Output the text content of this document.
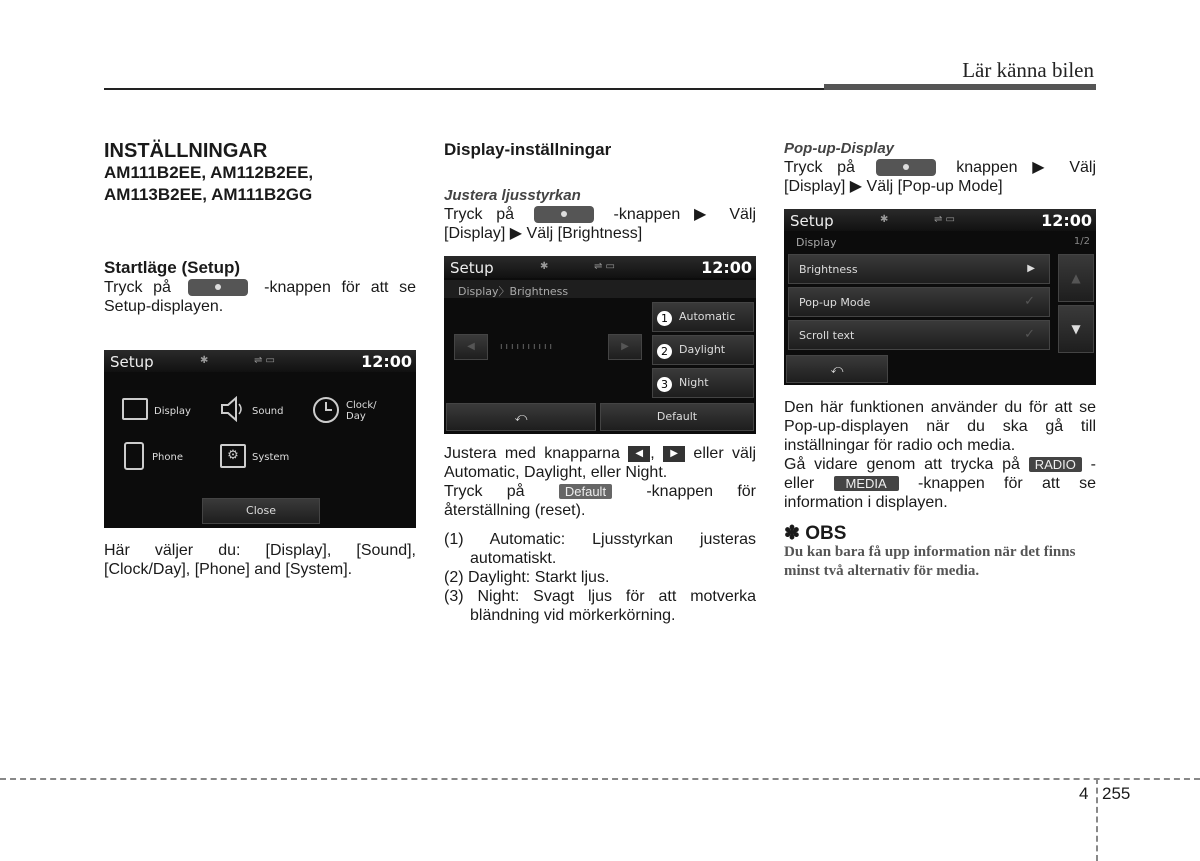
Lär känna bilen
INSTÄLLNINGAR
AM111B2EE, AM112B2EE,
AM113B2EE, AM111B2GG
Startläge (Setup)

Tryck på	-knappen för att se Setup-displayen.

Setup	✱	⇌ ▭	12:00
Display	Sound
Clock/ Day
Phone	⚙	System
Close

Här väljer du: [Display], [Sound], [Clock/Day], [Phone] and [System].

Display-inställningar
Justera ljusstyrkan

Tryck på	-knappen ▶ Välj [Display] ▶ Välj [Brightness]

Setup	✱	⇌ ▭	12:00
Display〉Brightness
◀	ıııııııııı	▶
1	Automatic
2	Daylight
3	Night
⤺	Default

Justera med knapparna ◀ , ▶ eller välj Automatic, Daylight, eller Night.

Tryck på	Default	-knappen för återställning (reset).

(1) Automatic: Ljusstyrkan justeras automatiskt.
(2) Daylight: Starkt ljus.
(3) Night: Svagt ljus för att motverka bländning vid mörkerkörning.
Pop-up-Display

Tryck på	knappen ▶ Välj [Display] ▶ Välj [Pop-up Mode]

Setup	✱	⇌ ▭	12:00
Display	1/2
Brightness	▶
Pop-up Mode	✓
Scroll text	✓
▲
▼
⤺

Den här funktionen använder du för att se Pop-up-displayen när du ska gå till inställningar för radio och media.

Gå vidare genom att trycka på RADIO - eller MEDIA -knappen för att se information i displayen.

✽ OBS
Du kan bara få upp information när det finns minst två alternativ för media.
4 255
